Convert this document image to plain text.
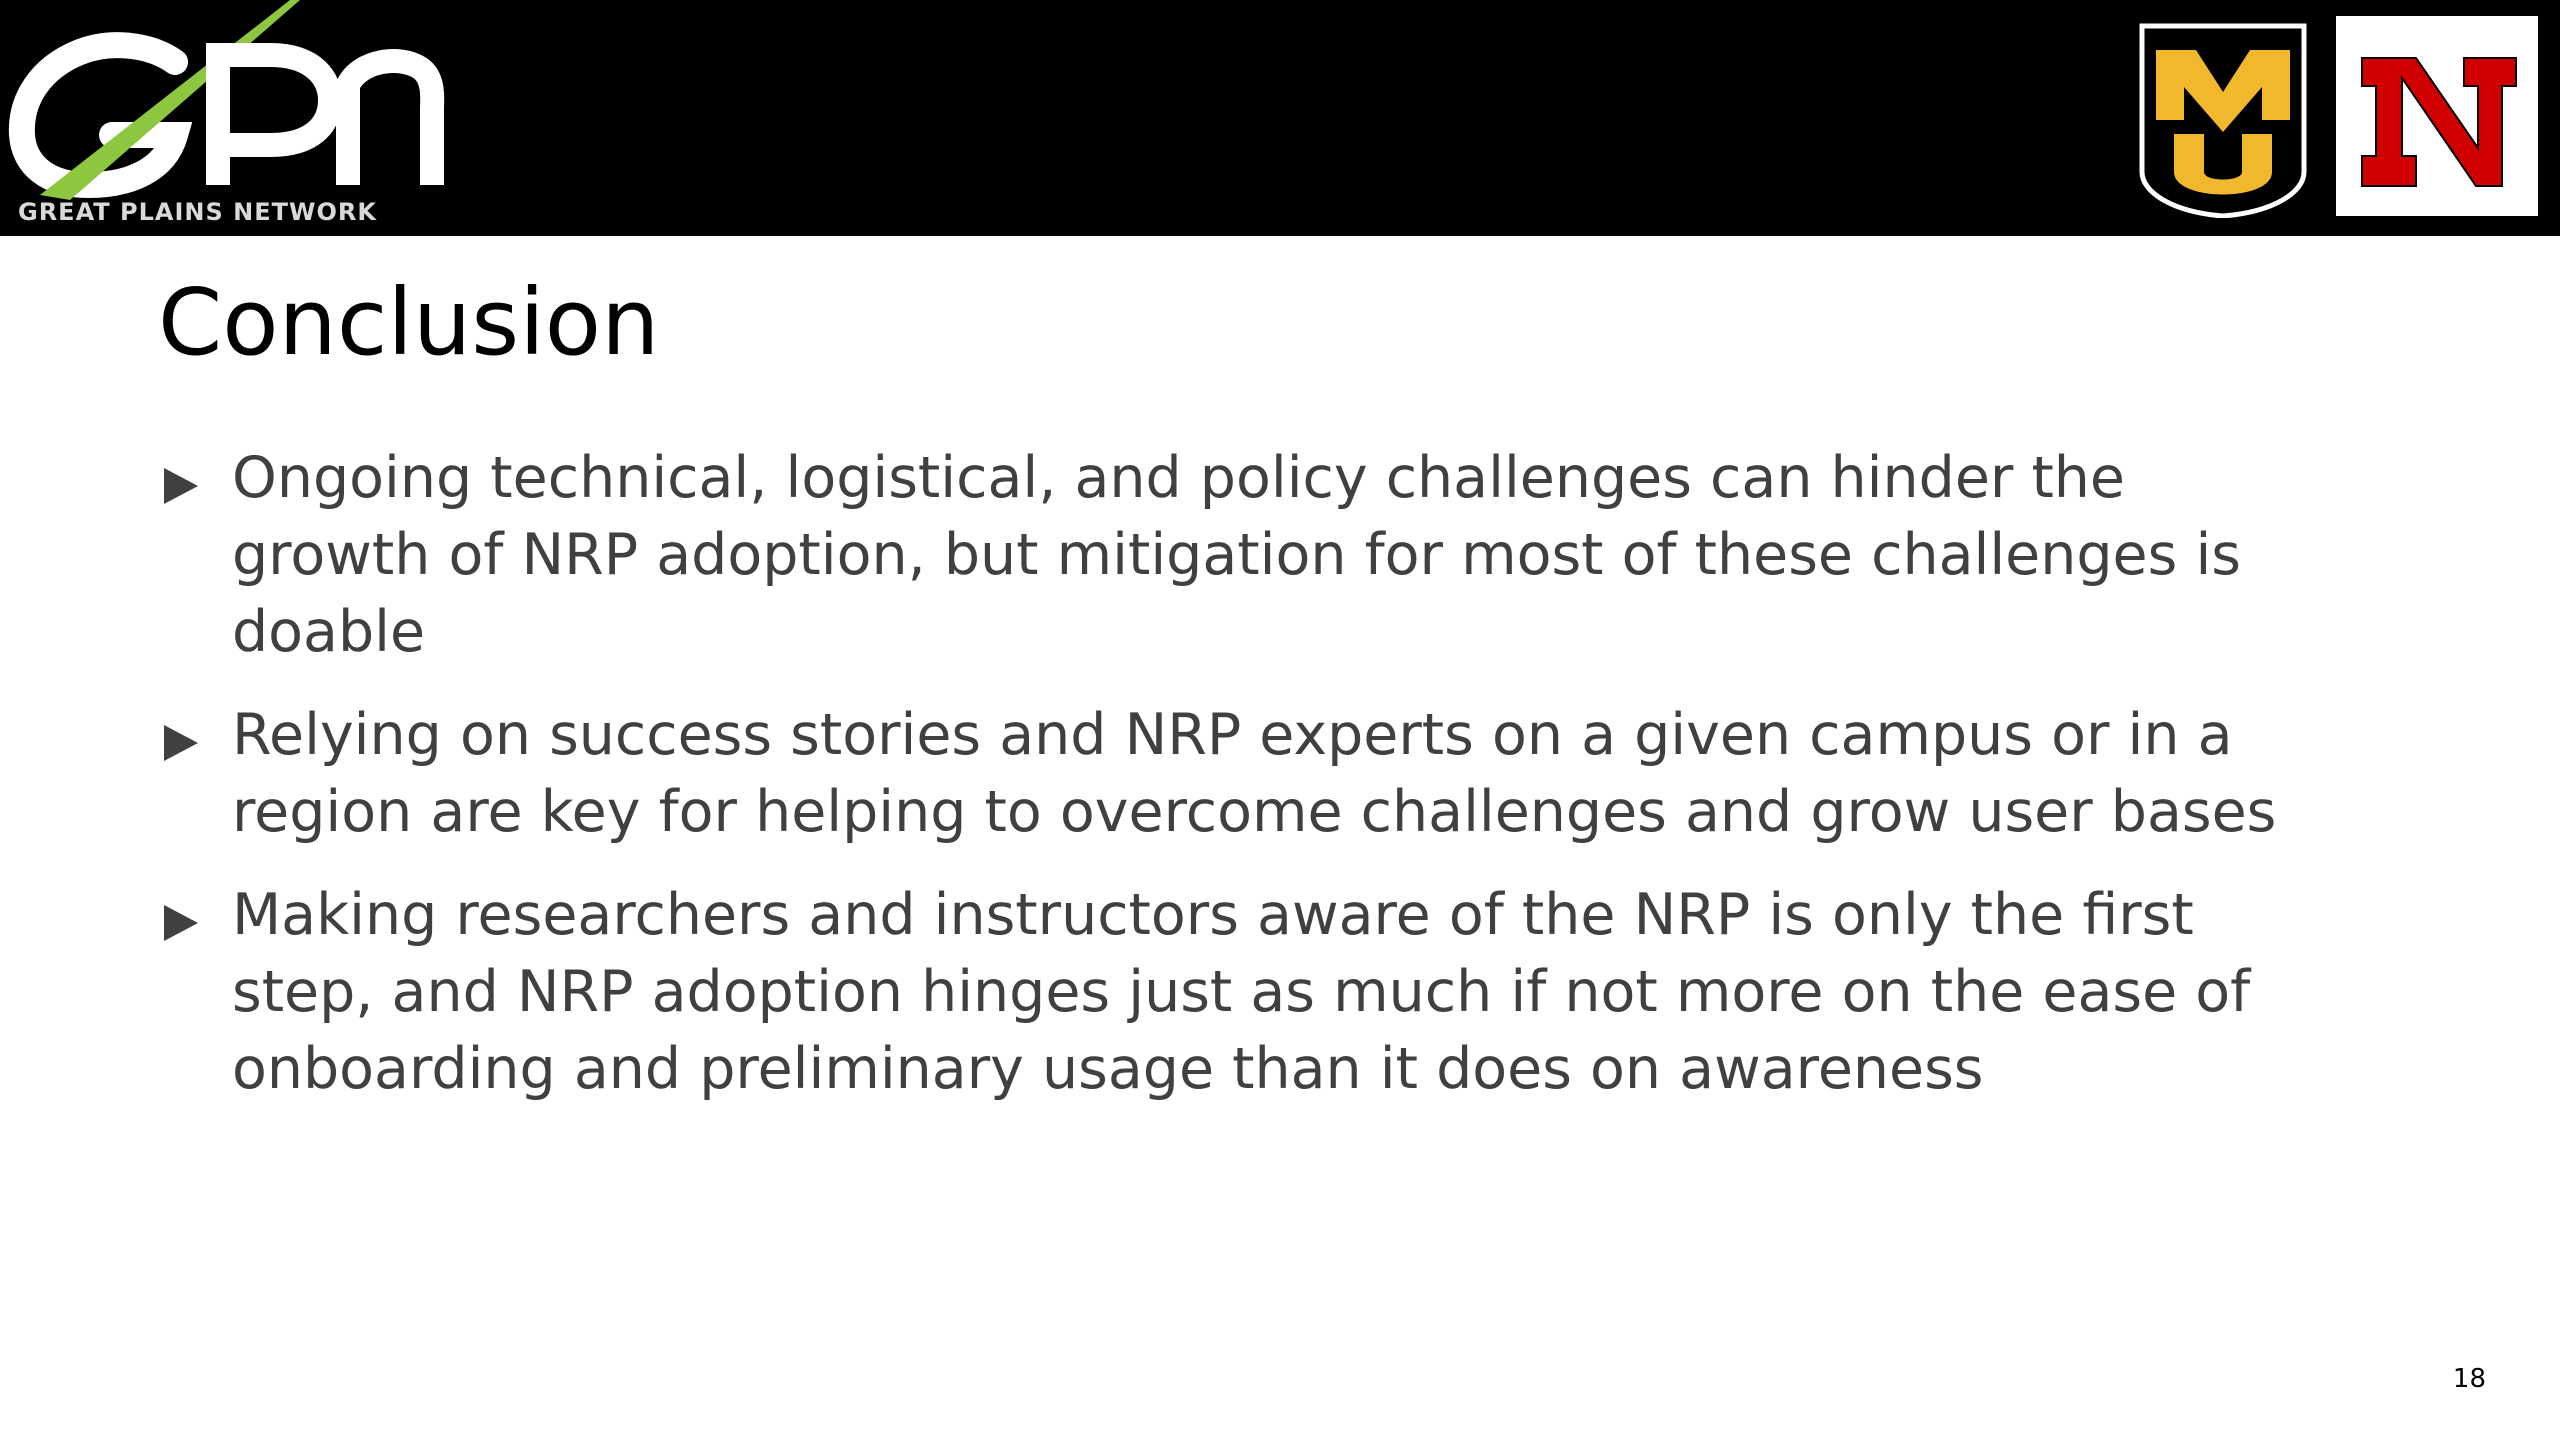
GREAT PLAINS NETWORK
Conclusion
Ongoing technical, logistical, and policy challenges can hinder the growth of NRP adoption, but mitigation for most of these challenges is doable
Relying on success stories and NRP experts on a given campus or in a region are key for helping to overcome challenges and grow user bases
Making researchers and instructors aware of the NRP is only the first step, and NRP adoption hinges just as much if not more on the ease of onboarding and preliminary usage than it does on awareness
18
